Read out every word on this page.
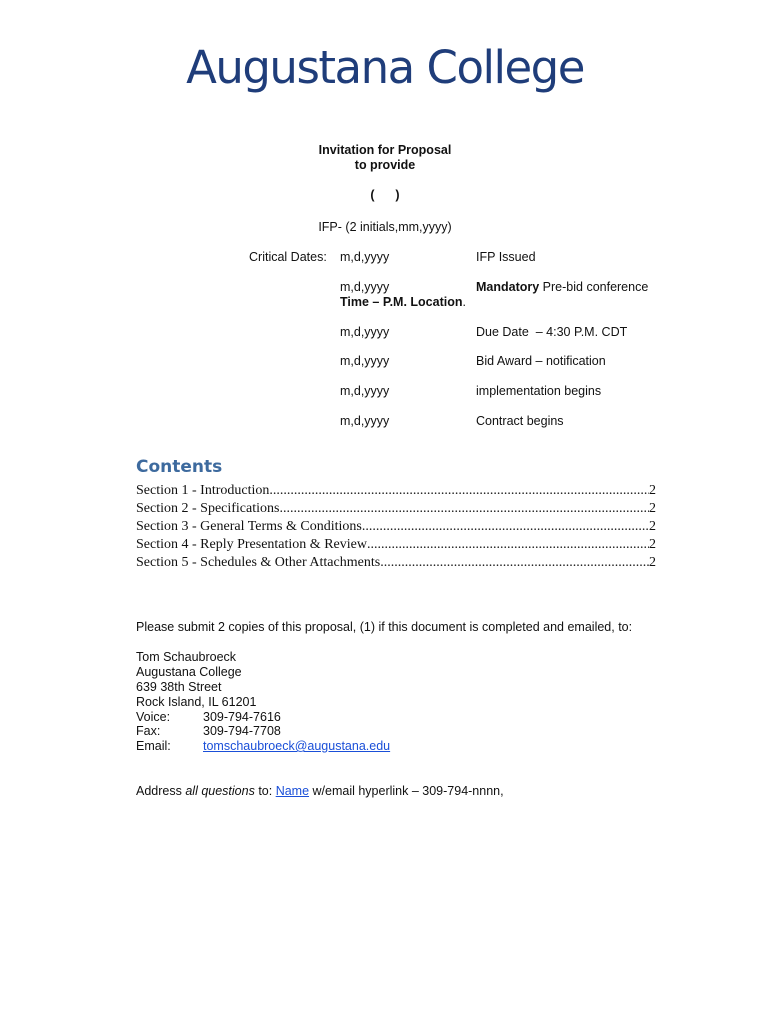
Augustana College
Invitation for Proposal
to provide
(      )
IFP- (2 initials,mm,yyyy)
Critical Dates: m,d,yyyy	IFP Issued
m,d,yyyy	Mandatory Pre-bid conference
Time – P.M. Location.
m,d,yyyy	Due Date  – 4:30 P.M. CDT
m,d,yyyy	Bid Award – notification
m,d,yyyy	implementation begins
m,d,yyyy	Contract begins
Contents
Section 1 - Introduction .....	2
Section 2 - Specifications .....	2
Section 3 - General Terms & Conditions .....	2
Section 4 - Reply Presentation & Review .....	2
Section 5 - Schedules & Other Attachments .....	2
Please submit 2 copies of this proposal, (1) if this document is completed and emailed, to:
Tom Schaubroeck
Augustana College
639 38th Street
Rock Island, IL 61201
Voice:	309-794-7616
Fax:	309-794-7708
Email:	tomschaubroeck@augustana.edu
Address all questions to: Name w/email hyperlink – 309-794-nnnn,
